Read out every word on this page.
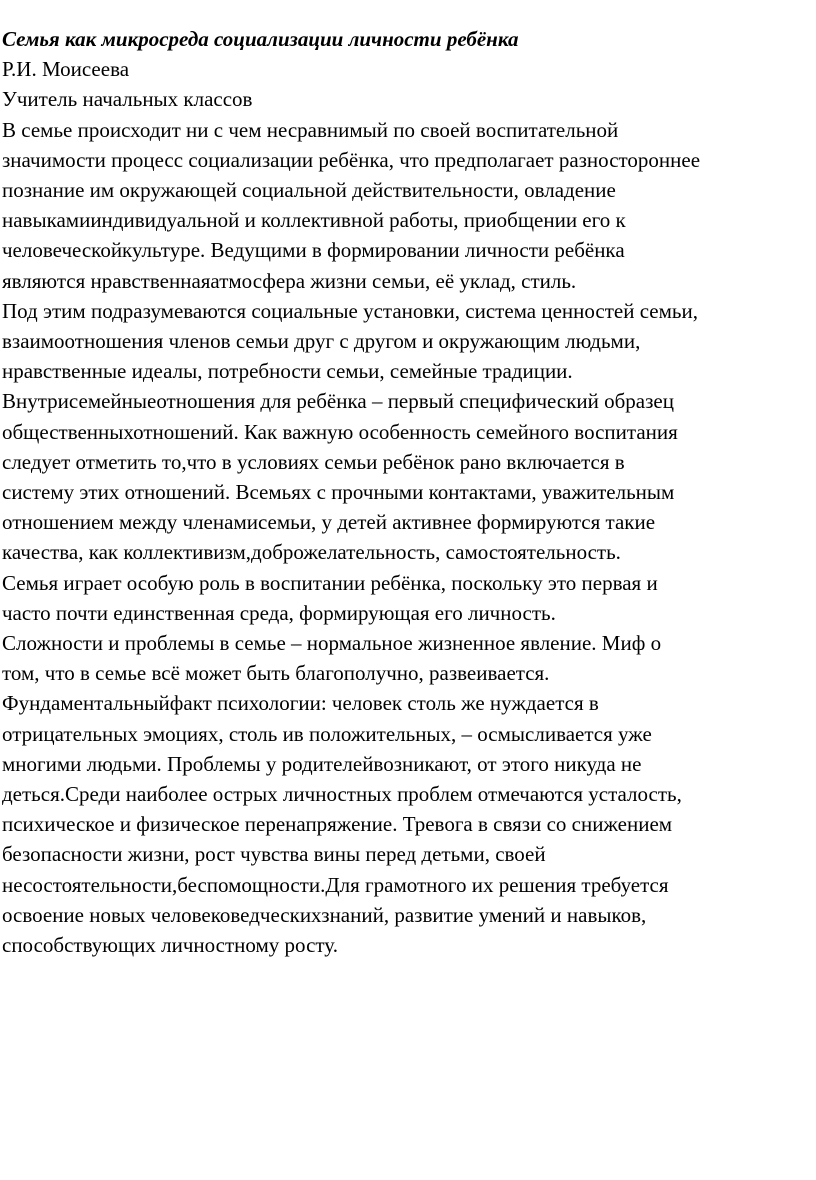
Семья как микросреда социализации личности ребёнка
Р.И. Моисеева
Учитель начальных классов
В семье происходит ни с чем несравнимый по своей воспитательной
значимости процесс социализации ребёнка, что предполагает разностороннее
познание им окружающей социальной действительности, овладение
навыкамииндивидуальной и коллективной работы, приобщении его к
человеческойкультуре. Ведущими в формировании личности ребёнка
являются нравственнаяатмосфера жизни семьи, её уклад, стиль.
Под этим подразумеваются социальные установки, система ценностей семьи,
взаимоотношения членов семьи друг с другом и окружающим людьми,
нравственные идеалы, потребности семьи, семейные традиции.
Внутрисемейныеотношения для ребёнка – первый специфический образец
общественныхотношений. Как важную особенность семейного воспитания
следует отметить то,что в условиях семьи ребёнок рано включается в
систему этих отношений. Всемьях с прочными контактами, уважительным
отношением между членамисемьи, у детей активнее формируются такие
качества, как коллективизм,доброжелательность, самостоятельность.
Семья играет особую роль в воспитании ребёнка, поскольку это первая и
часто почти единственная среда, формирующая его личность.
Сложности и проблемы в семье – нормальное жизненное явление. Миф о
том, что в семье всё может быть благополучно, развеивается.
Фундаментальныйфакт психологии: человек столь же нуждается в
отрицательных эмоциях, столь ив положительных, – осмысливается уже
многими людьми. Проблемы у родителейвозникают, от этого никуда не
деться.Среди наиболее острых личностных проблем отмечаются усталость,
психическое и физическое перенапряжение. Тревога в связи со снижением
безопасности жизни, рост чувства вины перед детьми, своей
несостоятельности,беспомощности.Для грамотного их решения требуется
освоение новых человековедческихзнаний, развитие умений и навыков,
способствующих личностному росту.
